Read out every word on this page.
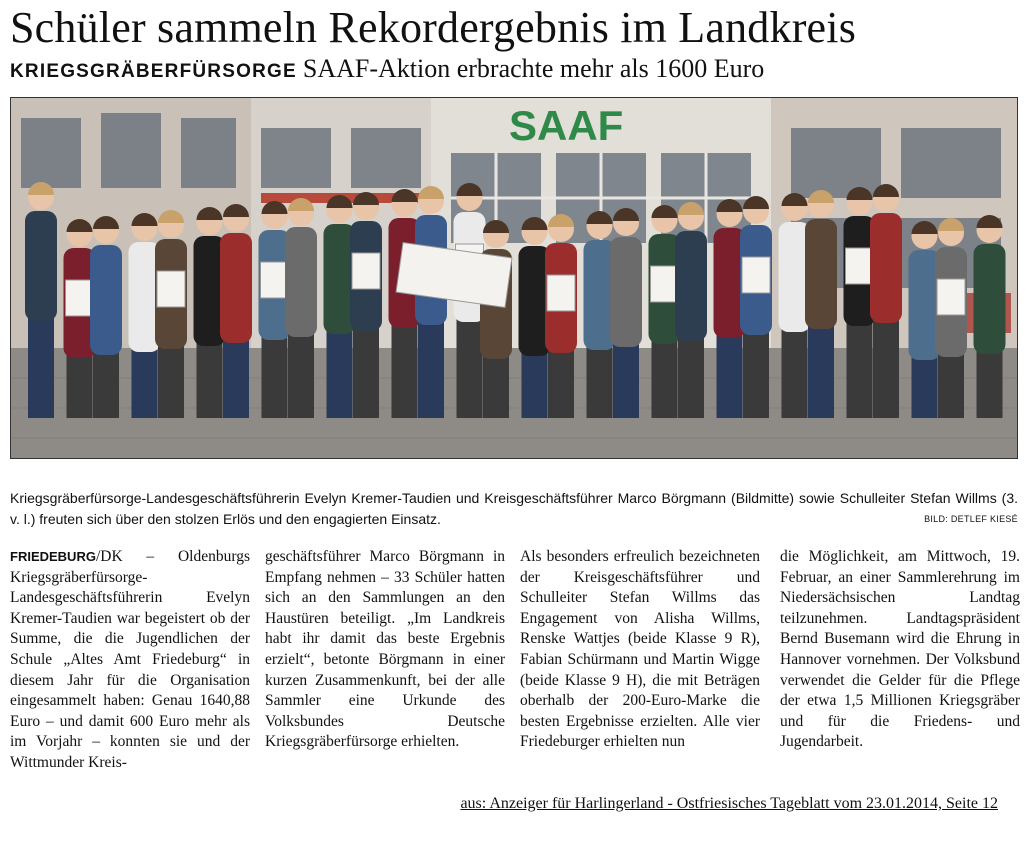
Schüler sammeln Rekordergebnis im Landkreis
KRIEGSGRÄBERFÜRSORGE SAAF-Aktion erbrachte mehr als 1600 Euro
SAAF
Kriegsgräberfürsorge-Landesgeschäftsführerin Evelyn Kremer-Taudien und Kreisgeschäftsführer Marco Börgmann (Bildmitte) sowie Schulleiter Stefan Willms (3. v. l.) freuten sich über den stolzen Erlös und den engagierten Einsatz.	BILD: DETLEF KIESÉ
FRIEDEBURG/DK – Oldenburgs Kriegsgräberfürsorge-Landesgeschäftsführerin Evelyn Kremer-Taudien war begeistert ob der Summe, die die Jugendlichen der Schule „Altes Amt Friedeburg“ in diesem Jahr für die Organisation eingesammelt haben: Genau 1640,88 Euro – und damit 600 Euro mehr als im Vorjahr – konnten sie und der Wittmunder Kreis-
geschäftsführer Marco Börgmann in Empfang nehmen – 33 Schüler hatten sich an den Sammlungen an den Haustüren beteiligt. „Im Landkreis habt ihr damit das beste Ergebnis erzielt“, betonte Börgmann in einer kurzen Zusammenkunft, bei der alle Sammler eine Urkunde des Volksbundes Deutsche Kriegsgräberfürsorge erhielten.
Als besonders erfreulich bezeichneten der Kreisgeschäftsführer und Schulleiter Stefan Willms das Engagement von Alisha Willms, Renske Wattjes (beide Klasse 9 R), Fabian Schürmann und Martin Wigge (beide Klasse 9 H), die mit Beträgen oberhalb der 200-Euro-Marke die besten Ergebnisse erzielten. Alle vier Friedeburger erhielten nun
die Möglichkeit, am Mittwoch, 19. Februar, an einer Sammlerehrung im Niedersächsischen Landtag teilzunehmen. Landtagspräsident Bernd Busemann wird die Ehrung in Hannover vornehmen. Der Volksbund verwendet die Gelder für die Pflege der etwa 1,5 Millionen Kriegsgräber und für die Friedens- und Jugendarbeit.
aus: Anzeiger für Harlingerland - Ostfriesisches Tageblatt vom 23.01.2014, Seite 12
